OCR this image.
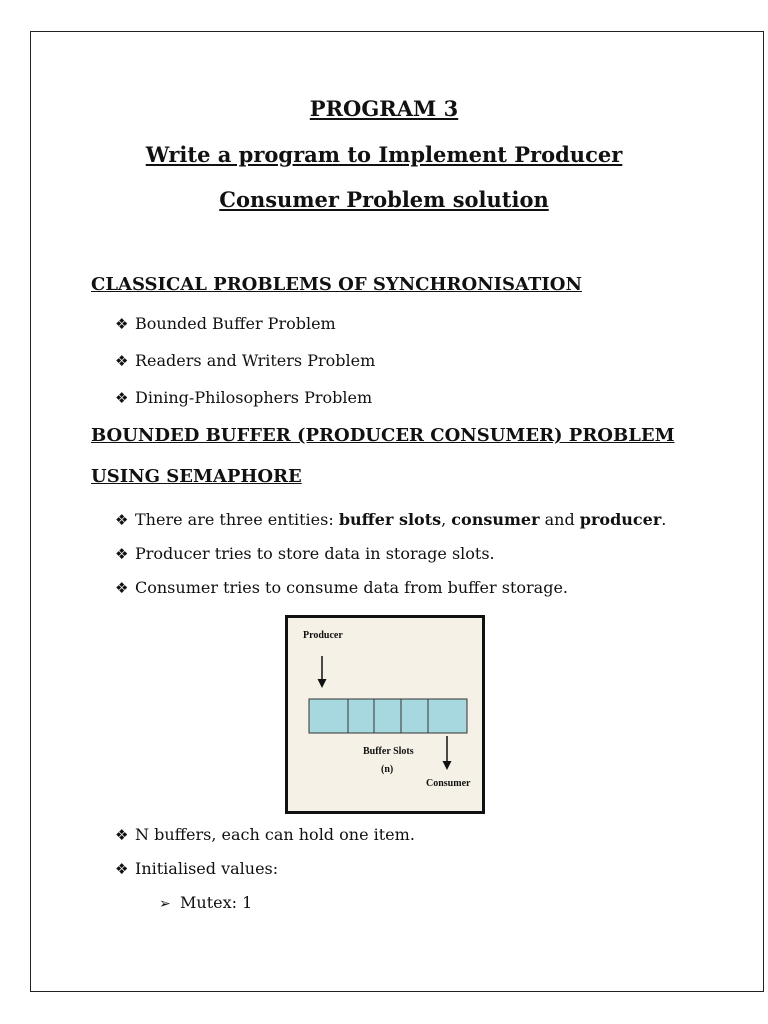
PROGRAM 3
Write a program to Implement Producer
Consumer Problem solution
CLASSICAL PROBLEMS OF SYNCHRONISATION
❖ Bounded Buffer Problem
❖ Readers and Writers Problem
❖ Dining-Philosophers Problem
BOUNDED BUFFER (PRODUCER CONSUMER) PROBLEM
USING SEMAPHORE
❖ There are three entities: buffer slots, consumer and producer.
❖ Producer tries to store data in storage slots.
❖ Consumer tries to consume data from buffer storage.
Producer
Buffer Slots
(n)
Consumer
❖ N buffers, each can hold one item.
❖ Initialised values:
➢ Mutex: 1
